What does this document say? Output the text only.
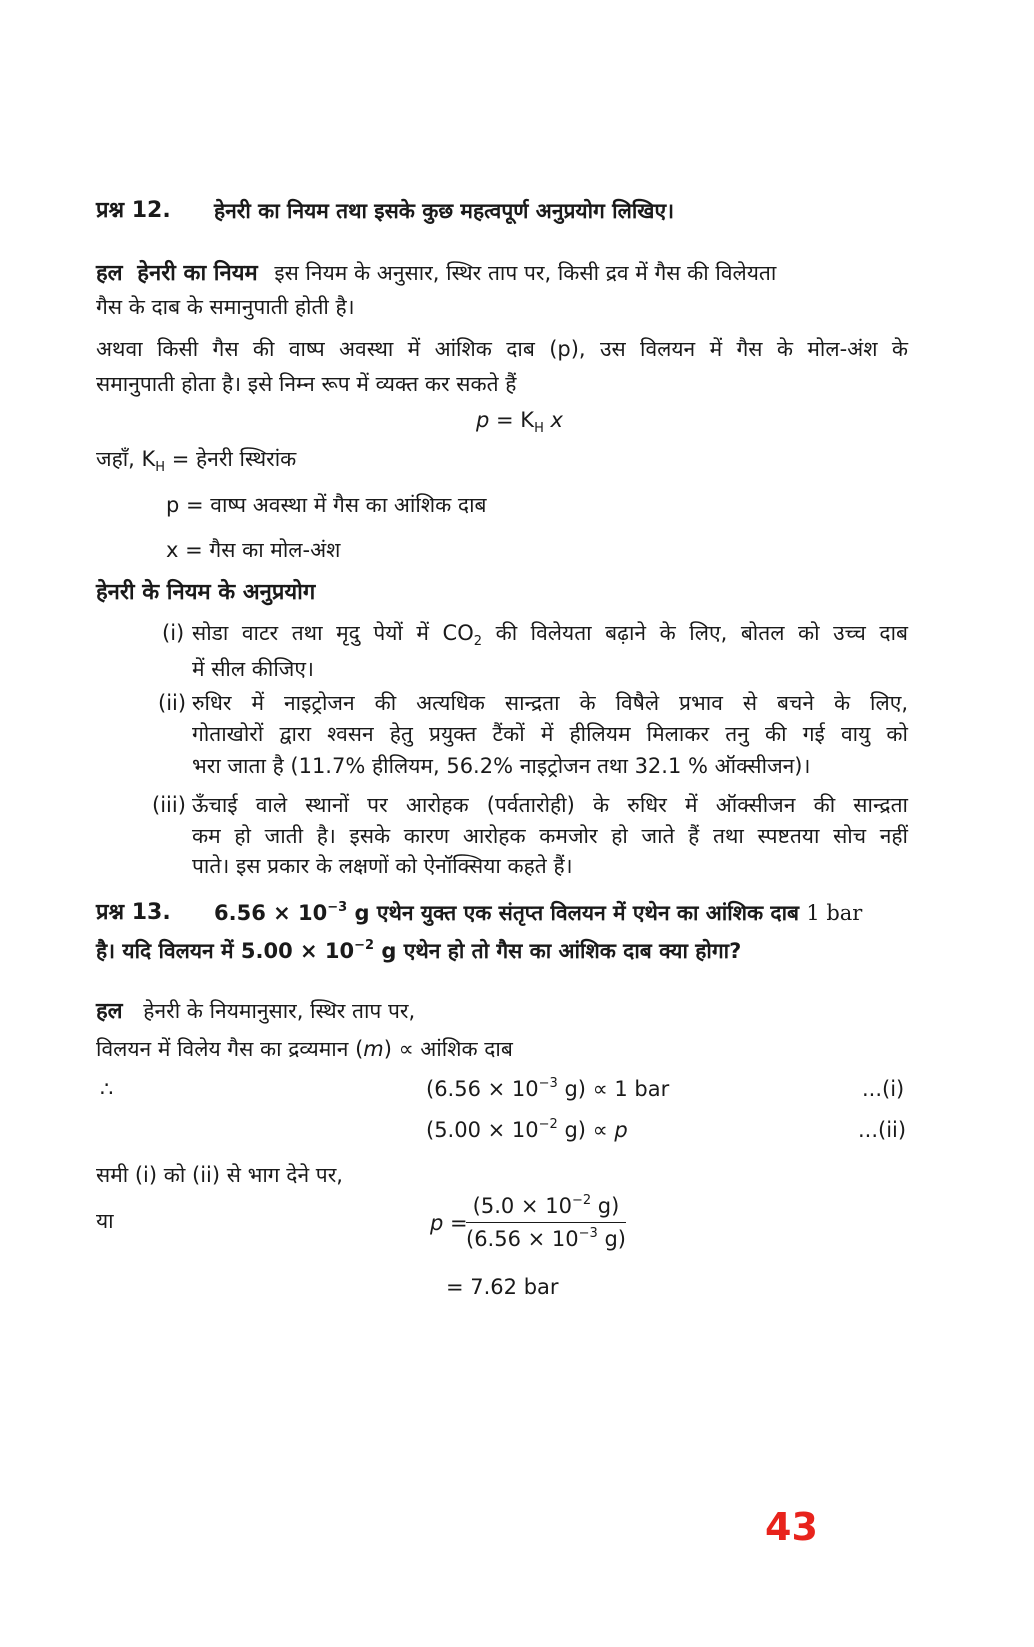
प्रश्न 12. हेनरी का नियम तथा इसके कुछ महत्वपूर्ण अनुप्रयोग लिखिए।
हल हेनरी का नियम इस नियम के अनुसार, स्थिर ताप पर, किसी द्रव में गैस की विलेयता
गैस के दाब के समानुपाती होती है।
अथवा किसी गैस की वाष्प अवस्था में आंशिक दाब (p), उस विलयन में गैस के मोल-अंश के
समानुपाती होता है। इसे निम्न रूप में व्यक्त कर सकते हैं
$p = K_H$ x
जहाँ, $K_H$ = हेनरी स्थिरांक
p = वाष्प अवस्था में गैस का आंशिक दाब
x = गैस का मोल-अंश
हेनरी के नियम के अनुप्रयोग
(i) सोडा वाटर तथा मृदु पेयों में $CO_2$ की विलेयता बढ़ाने के लिए, बोतल को उच्च दाब
में सील कीजिए।
(ii) रुधिर में नाइट्रोजन की अत्यधिक सान्द्रता के विषैले प्रभाव से बचने के लिए,
गोताखोरों द्वारा श्वसन हेतु प्रयुक्त टैंकों में हीलियम मिलाकर तनु की गई वायु को
भरा जाता है (11.7% हीलियम, 56.2% नाइट्रोजन तथा 32.1 % ऑक्सीजन)।
(iii) ऊँचाई वाले स्थानों पर आरोहक (पर्वतारोही) के रुधिर में ऑक्सीजन की सान्द्रता
कम हो जाती है। इसके कारण आरोहक कमजोर हो जाते हैं तथा स्पष्टतया सोच नहीं
पाते। इस प्रकार के लक्षणों को ऐनॉक्सिया कहते हैं।
प्रश्न 13. $6.56 \times 10^{-3}$ g एथेन युक्त एक संतृप्त विलयन में एथेन का आंशिक दाब 1 bar
है। यदि विलयन में $5.00 \times 10^{-2}$ g एथेन हो तो गैस का आंशिक दाब क्या होगा?
हल हेनरी के नियमानुसार, स्थिर ताप पर,
विलयन में विलेय गैस का द्रव्यमान (m) ∝ आंशिक दाब
∴	($6.56 \times 10^{-3}$ g) ∝ 1 bar	...(i)
($5.00 \times 10^{-2}$ g) ∝ p	...(ii)
समी (i) को (ii) से भाग देने पर,
या	p =
$\frac{(5.0 \times 10^{-2} g)}{(6.56 \times 10^{-3} g)}$
= 7.62 bar
43
